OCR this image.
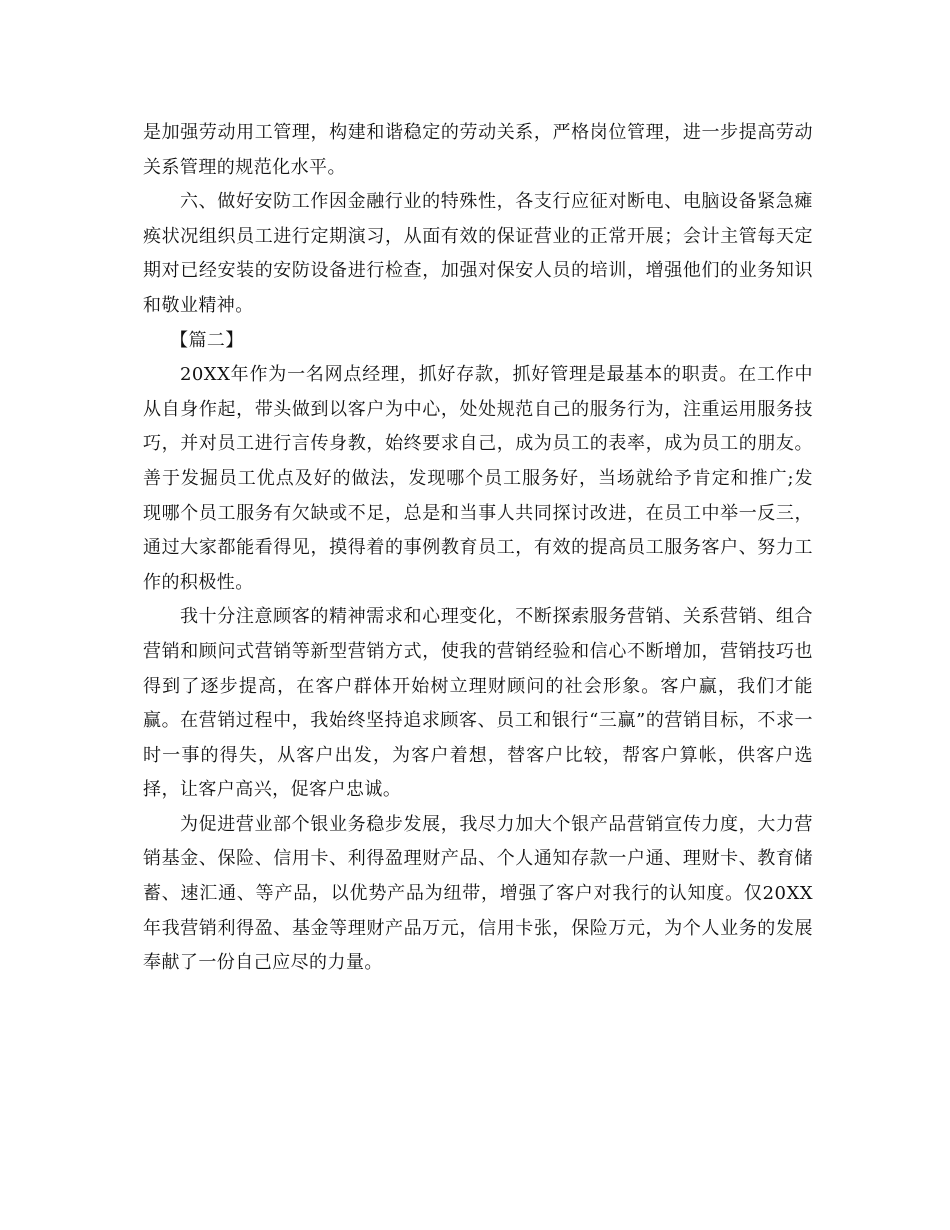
是加强劳动用工管理，构建和谐稳定的劳动关系，严格岗位管理，进一步提高劳动关系管理的规范化水平。

六、做好安防工作因金融行业的特殊性，各支行应征对断电、电脑设备紧急瘫痪状况组织员工进行定期演习，从面有效的保证营业的正常开展；会计主管每天定期对已经安装的安防设备进行检查，加强对保安人员的培训，增强他们的业务知识和敬业精神。

【篇二】

20XX年作为一名网点经理，抓好存款，抓好管理是最基本的职责。在工作中从自身作起，带头做到以客户为中心，处处规范自己的服务行为，注重运用服务技巧，并对员工进行言传身教，始终要求自己，成为员工的表率，成为员工的朋友。善于发掘员工优点及好的做法，发现哪个员工服务好，当场就给予肯定和推广;发现哪个员工服务有欠缺或不足，总是和当事人共同探讨改进，在员工中举一反三，通过大家都能看得见，摸得着的事例教育员工，有效的提高员工服务客户、努力工作的积极性。

我十分注意顾客的精神需求和心理变化，不断探索服务营销、关系营销、组合营销和顾问式营销等新型营销方式，使我的营销经验和信心不断增加，营销技巧也得到了逐步提高，在客户群体开始树立理财顾问的社会形象。客户赢，我们才能赢。在营销过程中，我始终坚持追求顾客、员工和银行“三赢”的营销目标，不求一时一事的得失，从客户出发，为客户着想，替客户比较，帮客户算帐，供客户选择，让客户高兴，促客户忠诚。

为促进营业部个银业务稳步发展，我尽力加大个银产品营销宣传力度，大力营销基金、保险、信用卡、利得盈理财产品、个人通知存款一户通、理财卡、教育储蓄、速汇通、等产品，以优势产品为纽带，增强了客户对我行的认知度。仅20XX年我营销利得盈、基金等理财产品万元，信用卡张，保险万元，为个人业务的发展奉献了一份自己应尽的力量。
